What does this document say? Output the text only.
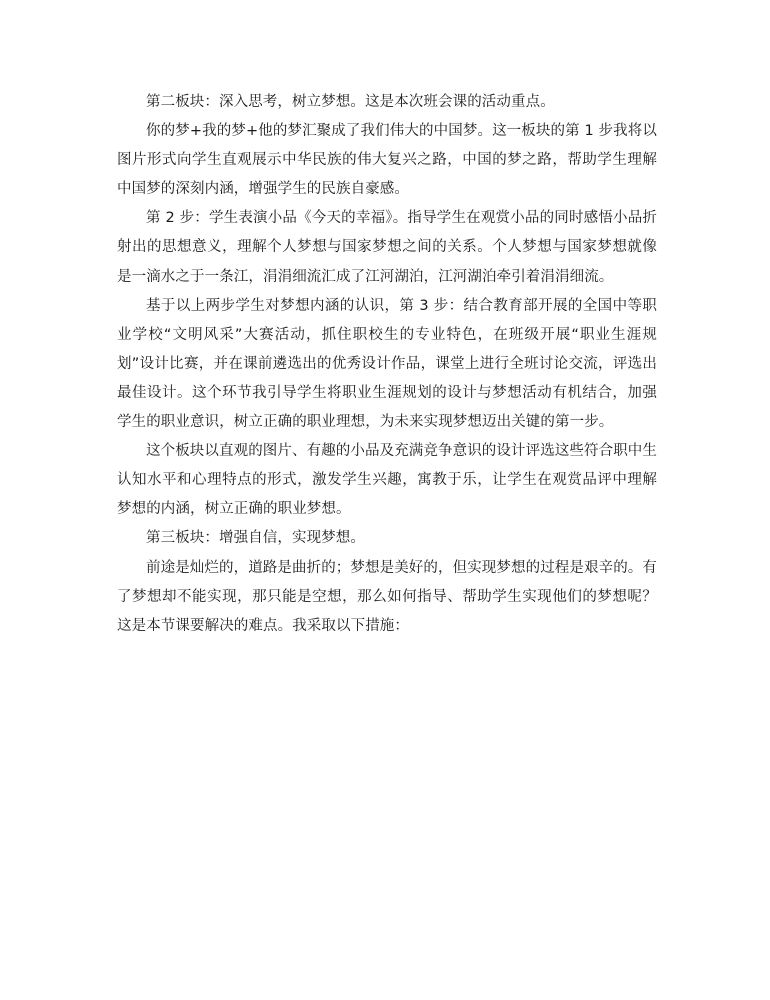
第二板块：深入思考，树立梦想。这是本次班会课的活动重点。

你的梦+我的梦+他的梦汇聚成了我们伟大的中国梦。这一板块的第 1 步我将以图片形式向学生直观展示中华民族的伟大复兴之路，中国的梦之路，帮助学生理解中国梦的深刻内涵，增强学生的民族自豪感。

第 2 步：学生表演小品《今天的幸福》。指导学生在观赏小品的同时感悟小品折射出的思想意义，理解个人梦想与国家梦想之间的关系。个人梦想与国家梦想就像是一滴水之于一条江，涓涓细流汇成了江河湖泊，江河湖泊牵引着涓涓细流。

基于以上两步学生对梦想内涵的认识，第 3 步：结合教育部开展的全国中等职业学校“文明风采”大赛活动，抓住职校生的专业特色，在班级开展“职业生涯规划”设计比赛，并在课前遴选出的优秀设计作品，课堂上进行全班讨论交流，评选出最佳设计。这个环节我引导学生将职业生涯规划的设计与梦想活动有机结合，加强学生的职业意识，树立正确的职业理想，为未来实现梦想迈出关键的第一步。

这个板块以直观的图片、有趣的小品及充满竞争意识的设计评选这些符合职中生认知水平和心理特点的形式，激发学生兴趣，寓教于乐，让学生在观赏品评中理解梦想的内涵，树立正确的职业梦想。

第三板块：增强自信，实现梦想。

前途是灿烂的，道路是曲折的；梦想是美好的，但实现梦想的过程是艰辛的。有了梦想却不能实现，那只能是空想，那么如何指导、帮助学生实现他们的梦想呢？这是本节课要解决的难点。我采取以下措施：
